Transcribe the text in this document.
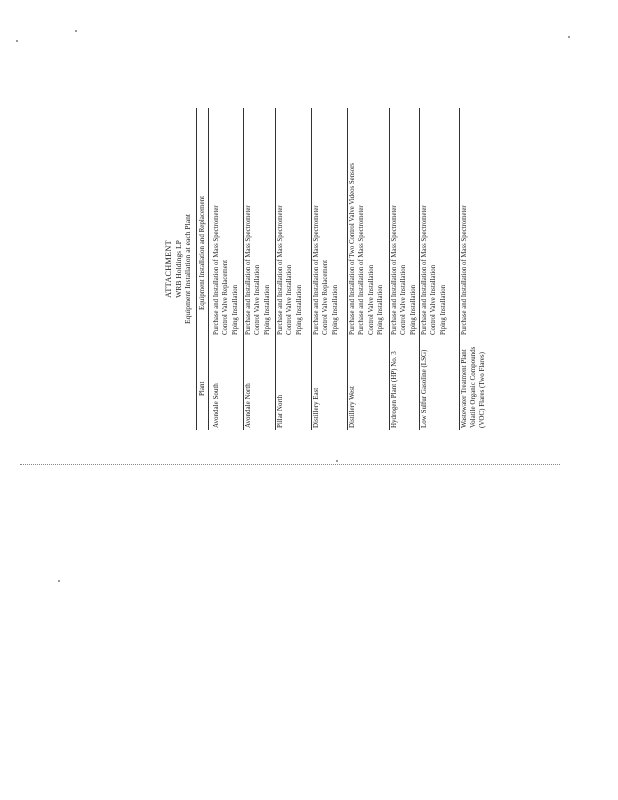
ATTACHMENT WRB Holdings LP Equipment Installation at each Plant
Plant
Equipment Installation and Replacement
Avondale South
Purchase and Installation of Mass Spectrometer Control Valve Replacement Piping Installation
Avondale North
Purchase and Installation of Mass Spectrometer Control Valve Installation Piping Installation
Pillar North
Purchase and Installation of Mass Spectrometer Control Valve Installation Piping Installation
Distillery East
Purchase and Installation of Mass Spectrometer Control Valve Replacement Piping Installation
Distillery West
Purchase and Installation of Two Control Valve Videos Sensors Purchase and Installation of Mass Spectrometer Control Valve Installation Piping Installation
Hydrogen Plant (HP) No. 3
Purchase and Installation of Mass Spectrometer Control Valve Installation Piping Installation
Low Sulfur Gasoline (LSG)
Purchase and Installation of Mass Spectrometer Control Valve Installation Piping Installation
Wastewater Treatment Plant Volatile Organic Compounds (VOC) Flares (Two Flares)
Purchase and Installation of Mass Spectrometer
